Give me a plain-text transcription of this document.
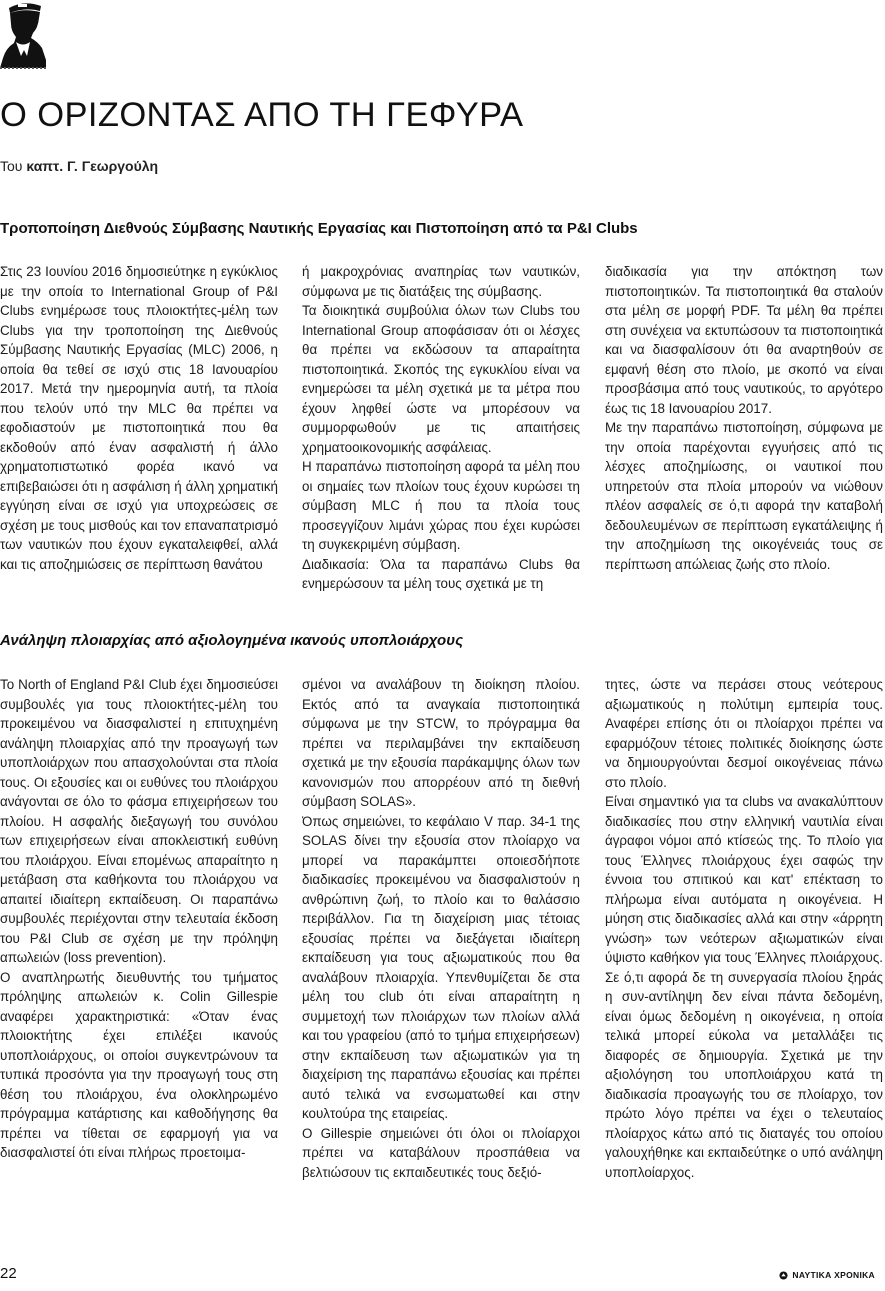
Ο ΟΡΙΖΟΝΤΑΣ ΑΠΟ ΤΗ ΓΕΦΥΡΑ
Του καπτ. Γ. Γεωργούλη
Τροποποίηση Διεθνούς Σύμβασης Ναυτικής Εργασίας και Πιστοποίηση από τα P&I Clubs

Στις 23 Ιουνίου 2016 δημοσιεύτηκε η εγκύκλιος με την οποία το International Group of P&I Clubs ενημέρωσε τους πλοιοκτήτες-μέλη των Clubs για την τροποποίηση της Διεθνούς Σύμβασης Ναυτικής Εργασίας (MLC) 2006, η οποία θα τεθεί σε ισχύ στις 18 Ιανουαρίου 2017. Μετά την ημερομηνία αυτή, τα πλοία που τελούν υπό την MLC θα πρέπει να εφοδιαστούν με πιστοποιητικά που θα εκδοθούν από έναν ασφαλιστή ή άλλο χρηματοπιστωτικό φορέα ικανό να επιβεβαιώσει ότι η ασφάλιση ή άλλη χρηματική εγγύηση είναι σε ισχύ για υποχρεώσεις σε σχέση με τους μισθούς και τον επαναπατρισμό των ναυτικών που έχουν εγκαταλειφθεί, αλλά και τις αποζημιώσεις σε περίπτωση θανάτου

ή μακροχρόνιας αναπηρίας των ναυτικών, σύμφωνα με τις διατάξεις της σύμβασης.

Τα διοικητικά συμβούλια όλων των Clubs του International Group αποφάσισαν ότι οι λέσχες θα πρέπει να εκδώσουν τα απαραίτητα πιστοποιητικά. Σκοπός της εγκυκλίου είναι να ενημερώσει τα μέλη σχετικά με τα μέτρα που έχουν ληφθεί ώστε να μπορέσουν να συμμορφωθούν με τις απαιτήσεις χρηματοοικονομικής ασφάλειας.

Η παραπάνω πιστοποίηση αφορά τα μέλη που οι σημαίες των πλοίων τους έχουν κυρώσει τη σύμβαση MLC ή που τα πλοία τους προσεγγίζουν λιμάνι χώρας που έχει κυρώσει τη συγκεκριμένη σύμβαση.

Διαδικασία: Όλα τα παραπάνω Clubs θα ενημερώσουν τα μέλη τους σχετικά με τη

διαδικασία για την απόκτηση των πιστοποιητικών. Τα πιστοποιητικά θα σταλούν στα μέλη σε μορφή PDF. Τα μέλη θα πρέπει στη συνέχεια να εκτυπώσουν τα πιστοποιητικά και να διασφαλίσουν ότι θα αναρτηθούν σε εμφανή θέση στο πλοίο, με σκοπό να είναι προσβάσιμα από τους ναυτικούς, το αργότερο έως τις 18 Ιανουαρίου 2017.

Με την παραπάνω πιστοποίηση, σύμφωνα με την οποία παρέχονται εγγυήσεις από τις λέσχες αποζημίωσης, οι ναυτικοί που υπηρετούν στα πλοία μπορούν να νιώθουν πλέον ασφαλείς σε ό,τι αφορά την καταβολή δεδουλευμένων σε περίπτωση εγκατάλειψης ή την αποζημίωση της οικογένειάς τους σε περίπτωση απώλειας ζωής στο πλοίο.

Ανάληψη πλοιαρχίας από αξιολογημένα ικανούς υποπλοιάρχους

Το North of England P&I Club έχει δημοσιεύσει συμβουλές για τους πλοιοκτήτες-μέλη του προκειμένου να διασφαλιστεί η επιτυχημένη ανάληψη πλοιαρχίας από την προαγωγή των υποπλοιάρχων που απασχολούνται στα πλοία τους. Οι εξουσίες και οι ευθύνες του πλοιάρχου ανάγονται σε όλο το φάσμα επιχειρήσεων του πλοίου. Η ασφαλής διεξαγωγή του συνόλου των επιχειρήσεων είναι αποκλειστική ευθύνη του πλοιάρχου. Είναι επομένως απαραίτητο η μετάβαση στα καθήκοντα του πλοιάρχου να απαιτεί ιδιαίτερη εκπαίδευση. Οι παραπάνω συμβουλές περιέχονται στην τελευταία έκδοση του P&I Club σε σχέση με την πρόληψη απωλειών (loss prevention).

Ο αναπληρωτής διευθυντής του τμήματος πρόληψης απωλειών κ. Colin Gillespie αναφέρει χαρακτηριστικά: «Όταν ένας πλοιοκτήτης έχει επιλέξει ικανούς υποπλοιάρχους, οι οποίοι συγκεντρώνουν τα τυπικά προσόντα για την προαγωγή τους στη θέση του πλοιάρχου, ένα ολοκληρωμένο πρόγραμμα κατάρτισης και καθοδήγησης θα πρέπει να τίθεται σε εφαρμογή για να διασφαλιστεί ότι είναι πλήρως προετοιμα-

σμένοι να αναλάβουν τη διοίκηση πλοίου. Εκτός από τα αναγκαία πιστοποιητικά σύμφωνα με την STCW, το πρόγραμμα θα πρέπει να περιλαμβάνει την εκπαίδευση σχετικά με την εξουσία παράκαμψης όλων των κανονισμών που απορρέουν από τη διεθνή σύμβαση SOLAS».

Όπως σημειώνει, το κεφάλαιο V παρ. 34-1 της SOLAS δίνει την εξουσία στον πλοίαρχο να μπορεί να παρακάμπτει οποιεσδήποτε διαδικασίες προκειμένου να διασφαλιστούν η ανθρώπινη ζωή, το πλοίο και το θαλάσσιο περιβάλλον. Για τη διαχείριση μιας τέτοιας εξουσίας πρέπει να διεξάγεται ιδιαίτερη εκπαίδευση για τους αξιωματικούς που θα αναλάβουν πλοιαρχία. Υπενθυμίζεται δε στα μέλη του club ότι είναι απαραίτητη η συμμετοχή των πλοιάρχων των πλοίων αλλά και του γραφείου (από το τμήμα επιχειρήσεων) στην εκπαίδευση των αξιωματικών για τη διαχείριση της παραπάνω εξουσίας και πρέπει αυτό τελικά να ενσωματωθεί και στην κουλτούρα της εταιρείας.

Ο Gillespie σημειώνει ότι όλοι οι πλοίαρχοι πρέπει να καταβάλουν προσπάθεια να βελτιώσουν τις εκπαιδευτικές τους δεξιό-

τητες, ώστε να περάσει στους νεότερους αξιωματικούς η πολύτιμη εμπειρία τους. Αναφέρει επίσης ότι οι πλοίαρχοι πρέπει να εφαρμόζουν τέτοιες πολιτικές διοίκησης ώστε να δημιουργούνται δεσμοί οικογένειας πάνω στο πλοίο.

Είναι σημαντικό για τα clubs να ανακαλύπτουν διαδικασίες που στην ελληνική ναυτιλία είναι άγραφοι νόμοι από κτίσεώς της. Το πλοίο για τους Έλληνες πλοιάρχους έχει σαφώς την έννοια του σπιτικού και κατ' επέκταση το πλήρωμα είναι αυτόματα η οικογένεια. Η μύηση στις διαδικασίες αλλά και στην «άρρητη γνώση» των νεότερων αξιωματικών είναι ύψιστο καθήκον για τους Έλληνες πλοιάρχους. Σε ό,τι αφορά δε τη συνεργασία πλοίου ξηράς η συν-αντίληψη δεν είναι πάντα δεδομένη, είναι όμως δεδομένη η οικογένεια, η οποία τελικά μπορεί εύκολα να μεταλλάξει τις διαφορές σε δημιουργία. Σχετικά με την αξιολόγηση του υποπλοιάρχου κατά τη διαδικασία προαγωγής του σε πλοίαρχο, τον πρώτο λόγο πρέπει να έχει ο τελευταίος πλοίαρχος κάτω από τις διαταγές του οποίου γαλουχήθηκε και εκπαιδεύτηκε ο υπό ανάληψη υποπλοίαρχος.

22	ΝΑΥΤΙΚΑ ΧΡΟΝΙΚΑ
